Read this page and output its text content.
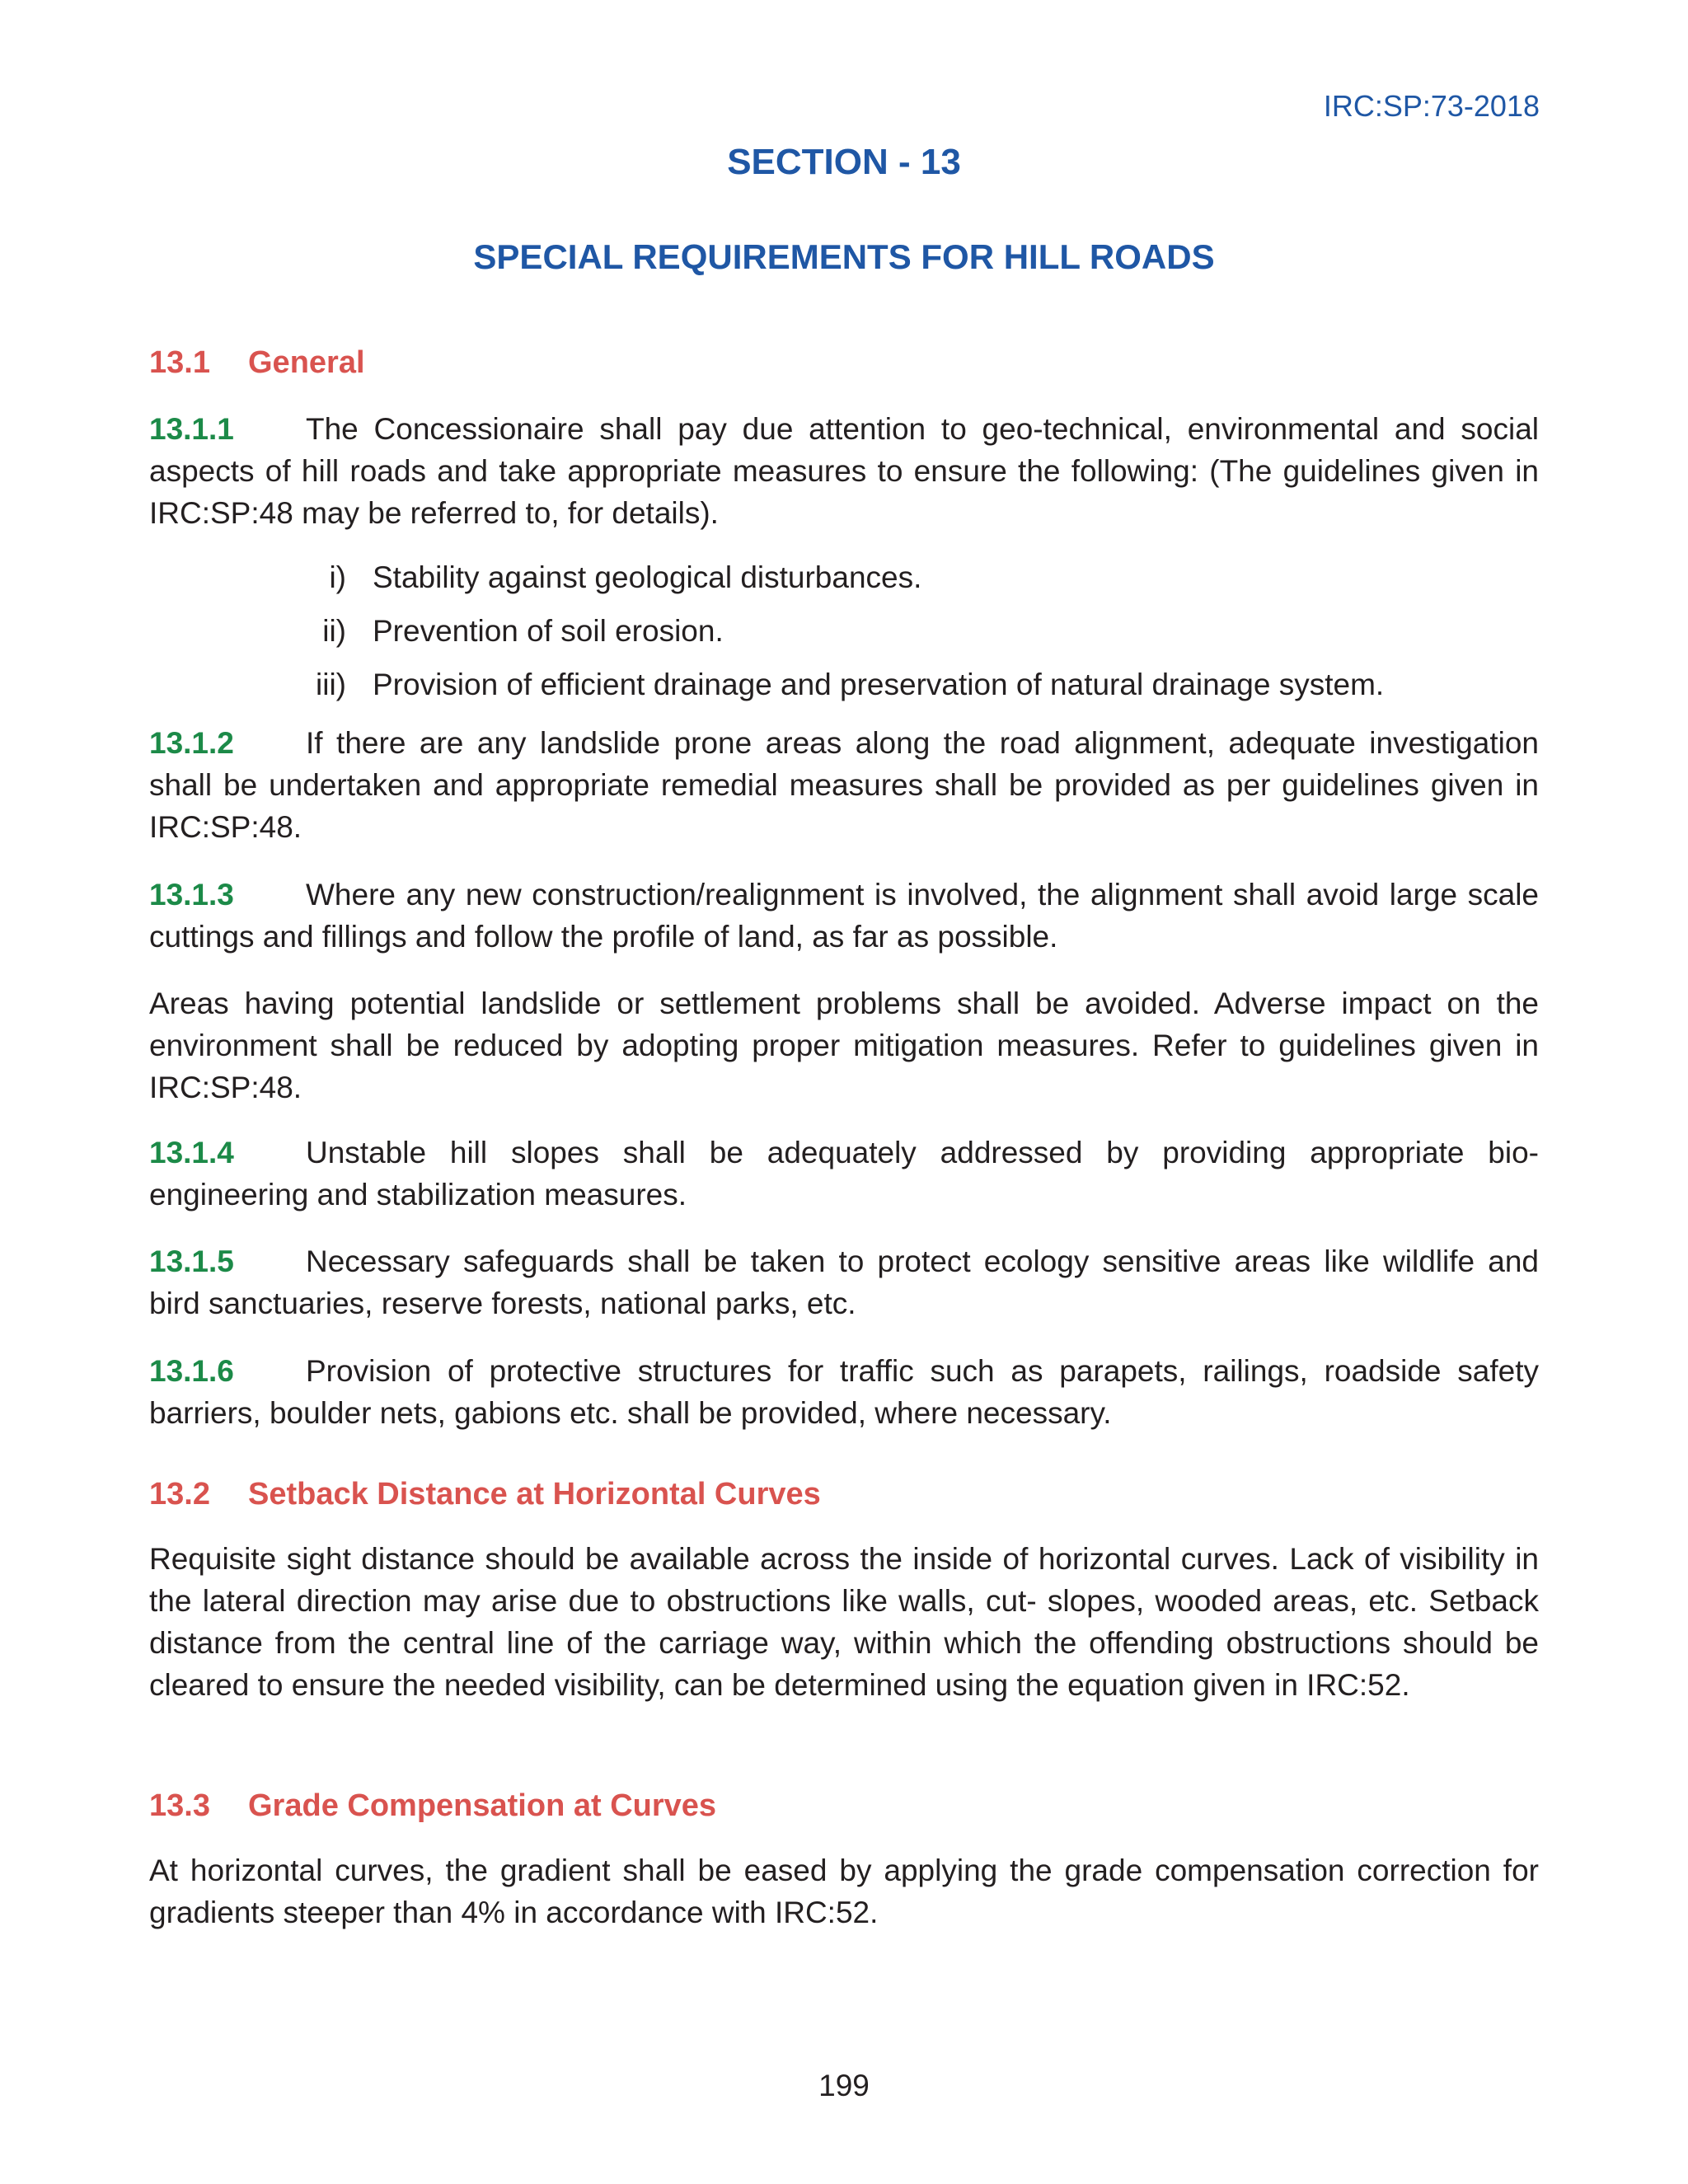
IRC:SP:73-2018
SECTION - 13
SPECIAL REQUIREMENTS FOR HILL ROADS
13.1 General

13.1.1 The Concessionaire shall pay due attention to geo-technical, environmental and social aspects of hill roads and take appropriate measures to ensure the following: (The guidelines given in IRC:SP:48 may be referred to, for details).

i) Stability against geological disturbances.
ii) Prevention of soil erosion.
iii) Provision of efficient drainage and preservation of natural drainage system.

13.1.2 If there are any landslide prone areas along the road alignment, adequate investigation shall be undertaken and appropriate remedial measures shall be provided as per guidelines given in IRC:SP:48.

13.1.3 Where any new construction/realignment is involved, the alignment shall avoid large scale cuttings and fillings and follow the profile of land, as far as possible.

Areas having potential landslide or settlement problems shall be avoided. Adverse impact on the environment shall be reduced by adopting proper mitigation measures. Refer to guidelines given in IRC:SP:48.

13.1.4 Unstable hill slopes shall be adequately addressed by providing appropriate bio-engineering and stabilization measures.

13.1.5 Necessary safeguards shall be taken to protect ecology sensitive areas like wildlife and bird sanctuaries, reserve forests, national parks, etc.

13.1.6 Provision of protective structures for traffic such as parapets, railings, roadside safety barriers, boulder nets, gabions etc. shall be provided, where necessary.

13.2 Setback Distance at Horizontal Curves

Requisite sight distance should be available across the inside of horizontal curves. Lack of visibility in the lateral direction may arise due to obstructions like walls, cut- slopes, wooded areas, etc. Setback distance from the central line of the carriage way, within which the offending obstructions should be cleared to ensure the needed visibility, can be determined using the equation given in IRC:52.

13.3 Grade Compensation at Curves

At horizontal curves, the gradient shall be eased by applying the grade compensation correction for gradients steeper than 4% in accordance with IRC:52.

199
